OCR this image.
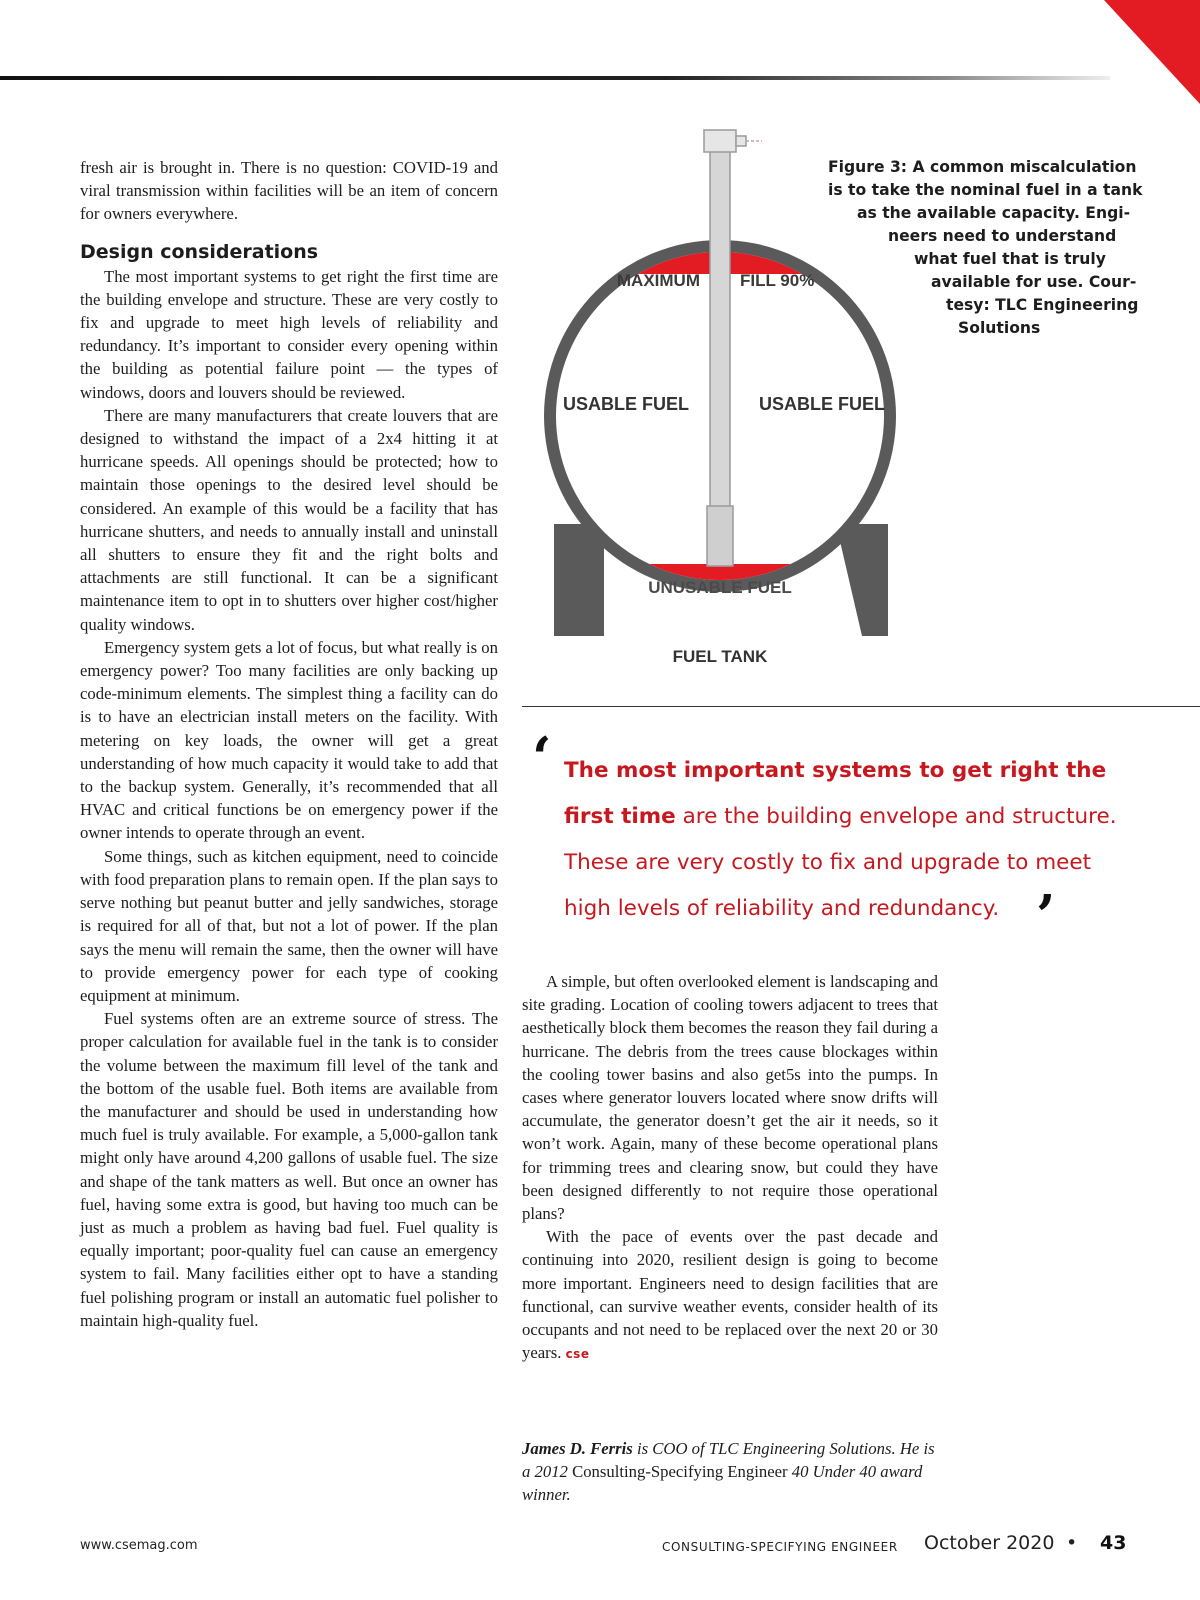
fresh air is brought in. There is no question: COVID-19 and viral transmission within facilities will be an item of concern for owners everywhere.

Design considerations

The most important systems to get right the first time are the building envelope and structure. These are very costly to fix and upgrade to meet high levels of reliability and redundancy. It’s important to consider every opening within the building as potential failure point — the types of windows, doors and louvers should be reviewed.

There are many manufacturers that create louvers that are designed to withstand the impact of a 2x4 hitting it at hurricane speeds. All openings should be protected; how to maintain those openings to the desired level should be considered. An example of this would be a facility that has hurricane shutters, and needs to annually install and uninstall all shutters to ensure they fit and the right bolts and attachments are still functional. It can be a significant maintenance item to opt in to shutters over higher cost/higher quality windows.

Emergency system gets a lot of focus, but what really is on emergency power? Too many facilities are only backing up code-minimum elements. The simplest thing a facility can do is to have an electrician install meters on the facility. With metering on key loads, the owner will get a great understanding of how much capacity it would take to add that to the backup system. Generally, it’s recommended that all HVAC and critical functions be on emergency power if the owner intends to operate through an event.

Some things, such as kitchen equipment, need to coincide with food preparation plans to remain open. If the plan says to serve nothing but peanut butter and jelly sandwiches, storage is required for all of that, but not a lot of power. If the plan says the menu will remain the same, then the owner will have to provide emergency power for each type of cooking equipment at minimum.

Fuel systems often are an extreme source of stress. The proper calculation for available fuel in the tank is to consider the volume between the maximum fill level of the tank and the bottom of the usable fuel. Both items are available from the manufacturer and should be used in understanding how much fuel is truly available. For example, a 5,000-gallon tank might only have around 4,200 gallons of usable fuel. The size and shape of the tank matters as well. But once an owner has fuel, having some extra is good, but having too much can be just as much a problem as having bad fuel. Fuel quality is equally important; poor-quality fuel can cause an emergency system to fail. Many facilities either opt to have a standing fuel polishing program or install an automatic fuel polisher to maintain high-quality fuel.

MAXIMUM FILL 90%
USABLE FUEL	USABLE FUEL
UNUSABLE FUEL
FUEL TANK
Figure 3: A common miscalculation
is to take the nominal fuel in a tank
as the available capacity. Engi-
neers need to understand
what fuel that is truly
available for use. Cour-
tesy: TLC Engineering
Solutions
‘ The most important systems to get right the
first time are the building envelope and structure.
These are very costly to fix and upgrade to meet
high levels of reliability and redundancy. ’

A simple, but often overlooked element is landscaping and site grading. Location of cooling towers adjacent to trees that aesthetically block them becomes the reason they fail during a hurricane. The debris from the trees cause blockages within the cooling tower basins and also get5s into the pumps. In cases where generator louvers located where snow drifts will accumulate, the generator doesn’t get the air it needs, so it won’t work. Again, many of these become operational plans for trimming trees and clearing snow, but could they have been designed differently to not require those operational plans?

With the pace of events over the past decade and continuing into 2020, resilient design is going to become more important. Engineers need to design facilities that are functional, can survive weather events, consider health of its occupants and not need to be replaced over the next 20 or 30 years. cse

James D. Ferris is COO of TLC Engineering Solutions. He is a 2012 Consulting-Specifying Engineer 40 Under 40 award winner.
www.csemag.com	CONSULTING-SPECIFYING ENGINEER October 2020 • 43
